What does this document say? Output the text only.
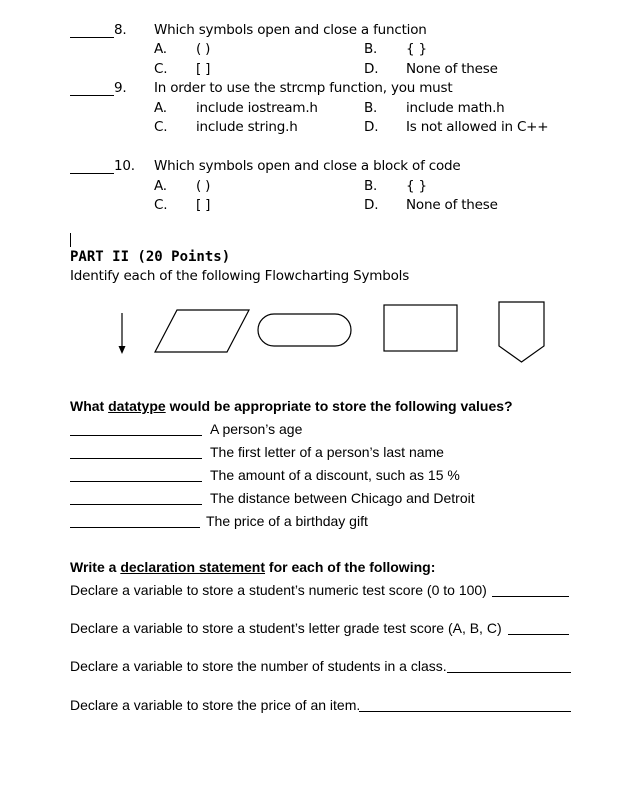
8. Which symbols open and close a function
A. ( )	B. { }
C. [ ]	D. None of these
9. In order to use the strcmp function, you must
A. include iostream.h	B. include math.h
C. include string.h	D. Is not allowed in C++
10. Which symbols open and close a block of code
A. ( )	B. { }
C. [ ]	D. None of these
PART II (20 Points)
Identify each of the following Flowcharting Symbols
What datatype would be appropriate to store the following values?
A person’s age
The first letter of a person’s last name
The amount of a discount, such as 15 %
The distance between Chicago and Detroit
The price of a birthday gift
Write a declaration statement for each of the following:
Declare a variable to store a student’s numeric test score (0 to 100)
Declare a variable to store a student’s letter grade test score (A, B, C)
Declare a variable to store the number of students in a class.
Declare a variable to store the price of an item.
